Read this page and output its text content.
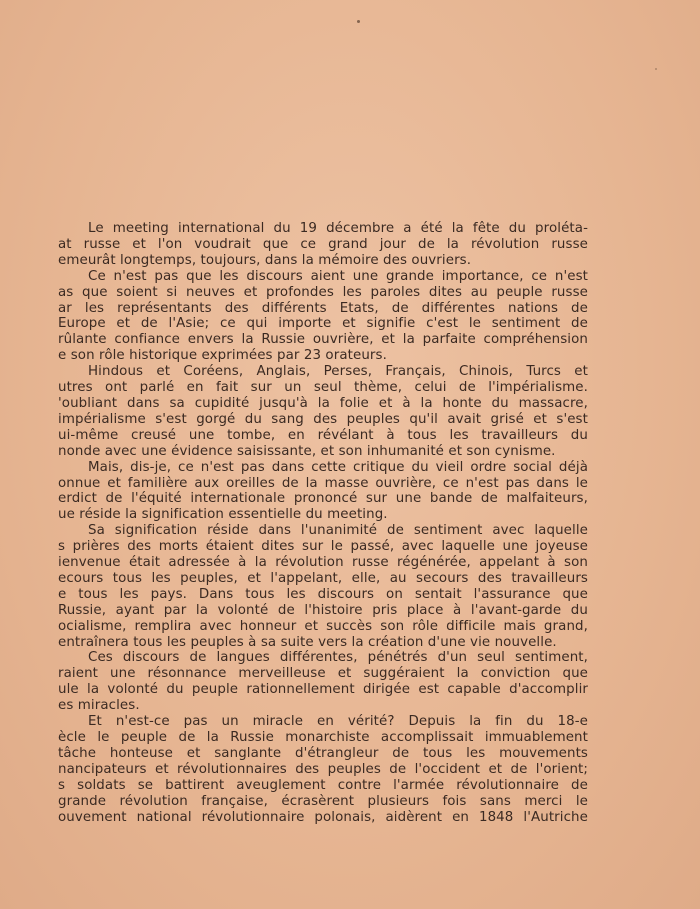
Le meeting international du 19 décembre a été la fête du proléta-
at russe et l'on voudrait que ce grand jour de la révolution russe
emeurât longtemps, toujours, dans la mémoire des ouvriers.
Ce n'est pas que les discours aient une grande importance, ce n'est
as que soient si neuves et profondes les paroles dites au peuple russe
ar les représentants des différents Etats, de différentes nations de
Europe et de l'Asie; ce qui importe et signifie c'est le sentiment de
rûlante confiance envers la Russie ouvrière, et la parfaite compréhension
e son rôle historique exprimées par 23 orateurs.
Hindous et Coréens, Anglais, Perses, Français, Chinois, Turcs et
utres ont parlé en fait sur un seul thème, celui de l'impérialisme.
'oubliant dans sa cupidité jusqu'à la folie et à la honte du massacre,
impérialisme s'est gorgé du sang des peuples qu'il avait grisé et s'est
ui-même creusé une tombe, en révélant à tous les travailleurs du
nonde avec une évidence saisissante, et son inhumanité et son cynisme.
Mais, dis-je, ce n'est pas dans cette critique du vieil ordre social déjà
onnue et familière aux oreilles de la masse ouvrière, ce n'est pas dans le
erdict de l'équité internationale prononcé sur une bande de malfaiteurs,
ue réside la signification essentielle du meeting.
Sa signification réside dans l'unanimité de sentiment avec laquelle
s prières des morts étaient dites sur le passé, avec laquelle une joyeuse
ienvenue était adressée à la révolution russe régénérée, appelant à son
ecours tous les peuples, et l'appelant, elle, au secours des travailleurs
e tous les pays. Dans tous les discours on sentait l'assurance que
Russie, ayant par la volonté de l'histoire pris place à l'avant-garde du
ocialisme, remplira avec honneur et succès son rôle difficile mais grand,
entraînera tous les peuples à sa suite vers la création d'une vie nouvelle.
Ces discours de langues différentes, pénétrés d'un seul sentiment,
raient une résonnance merveilleuse et suggéraient la conviction que
ule la volonté du peuple rationnellement dirigée est capable d'accomplir
es miracles.
Et n'est-ce pas un miracle en vérité? Depuis la fin du 18-e
ècle le peuple de la Russie monarchiste accomplissait immuablement
tâche honteuse et sanglante d'étrangleur de tous les mouvements
nancipateurs et révolutionnaires des peuples de l'occident et de l'orient;
s soldats se battirent aveuglement contre l'armée révolutionnaire de
grande révolution française, écrasèrent plusieurs fois sans merci le
ouvement national révolutionnaire polonais, aidèrent en 1848 l'Autriche
